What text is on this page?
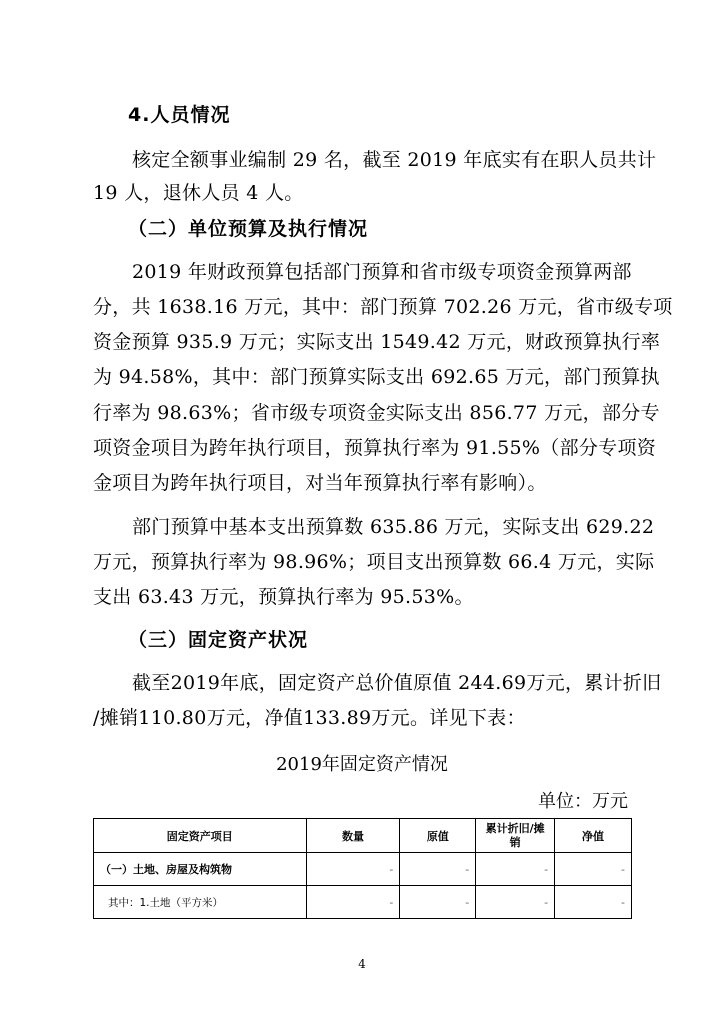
4.人员情况
核定全额事业编制 29 名，截至 2019 年底实有在职人员共计
19 人，退休人员 4 人。
（二）单位预算及执行情况
2019 年财政预算包括部门预算和省市级专项资金预算两部
分，共 1638.16 万元，其中：部门预算 702.26 万元，省市级专项
资金预算 935.9 万元；实际支出 1549.42 万元，财政预算执行率
为 94.58%，其中：部门预算实际支出 692.65 万元，部门预算执
行率为 98.63%；省市级专项资金实际支出 856.77 万元，部分专
项资金项目为跨年执行项目，预算执行率为 91.55%（部分专项资
金项目为跨年执行项目，对当年预算执行率有影响）。
部门预算中基本支出预算数 635.86 万元，实际支出 629.22
万元，预算执行率为 98.96%；项目支出预算数 66.4 万元，实际
支出 63.43 万元，预算执行率为 95.53%。
（三）固定资产状况
截至2019年底，固定资产总价值原值 244.69万元，累计折旧
/摊销110.80万元，净值133.89万元。详见下表：
2019年固定资产情况
单位：万元
固定资产项目	数量	原值	累计折旧/摊销	净值
（一）土地、房屋及构筑物	-	-	-	-
其中：1.土地（平方米）	-	-	-	-
4
